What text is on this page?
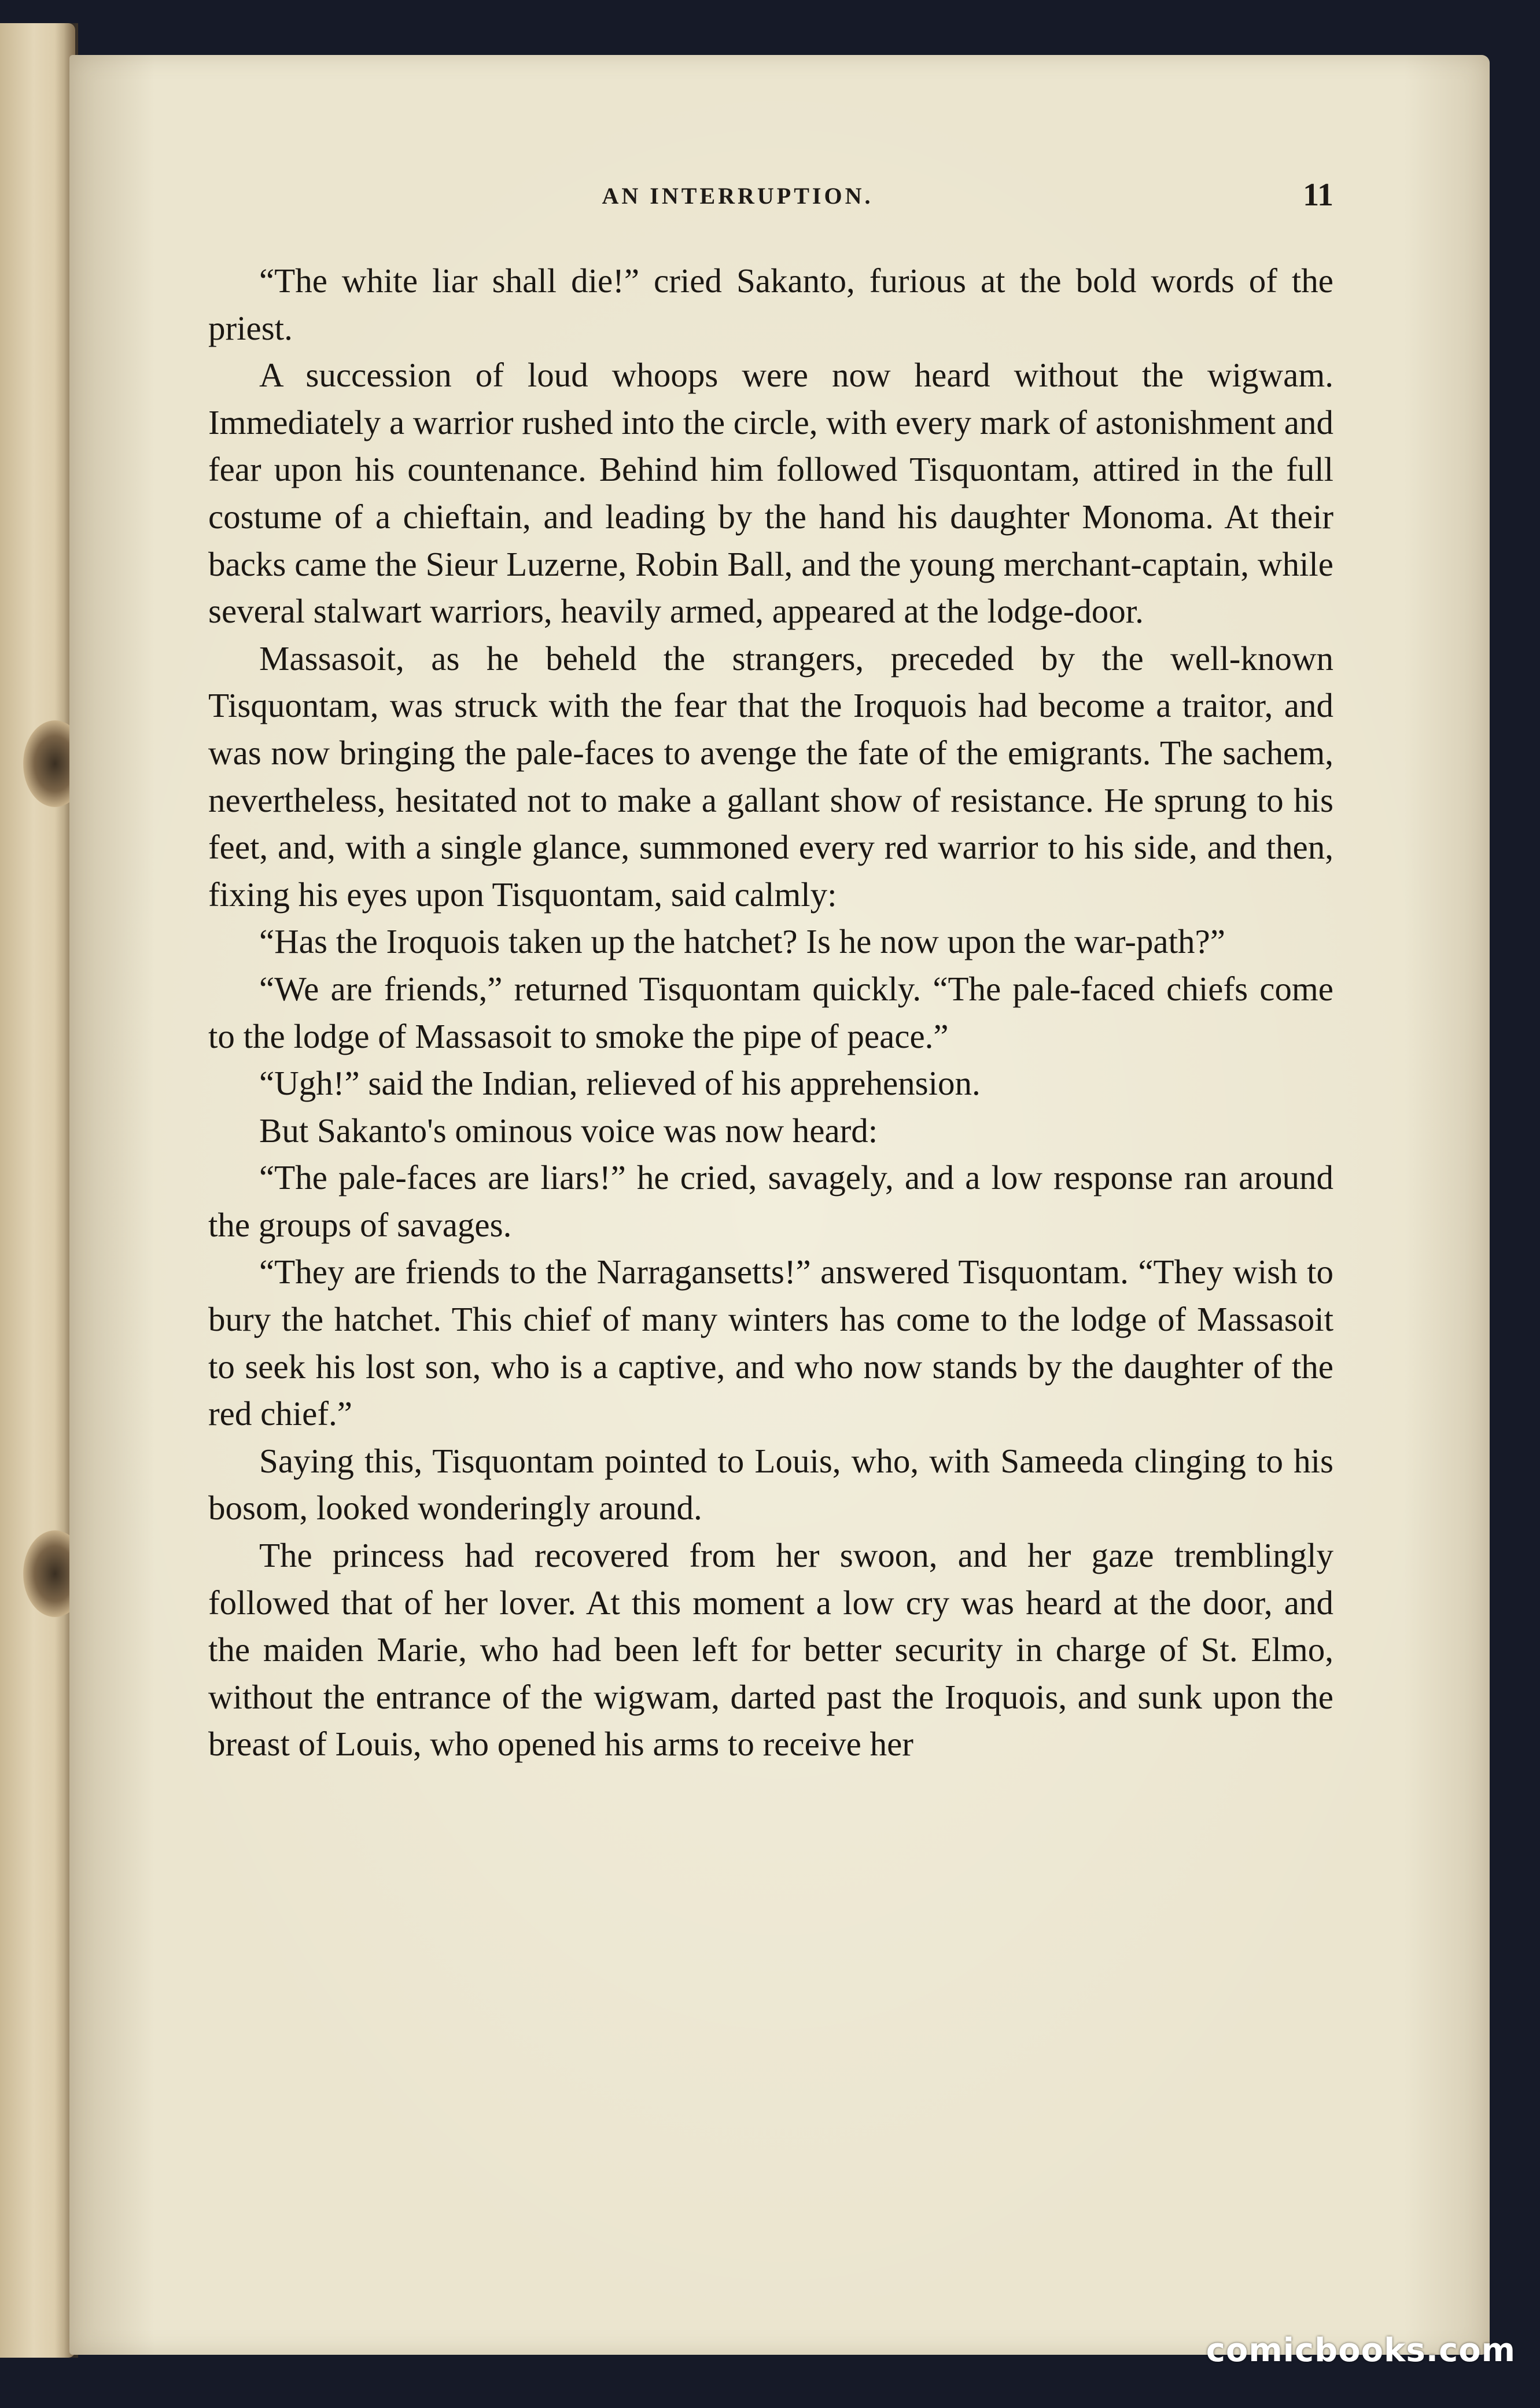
AN INTERRUPTION.	11

“The white liar shall die!” cried Sakanto, furious at the bold words of the priest.

A succession of loud whoops were now heard without the wigwam. Immediately a warrior rushed into the circle, with every mark of astonishment and fear upon his countenance. Behind him followed Tisquontam, attired in the full costume of a chieftain, and leading by the hand his daughter Monoma. At their backs came the Sieur Luzerne, Robin Ball, and the young merchant-captain, while several stalwart warriors, heavily armed, appeared at the lodge-door.

Massasoit, as he beheld the strangers, preceded by the well-known Tisquontam, was struck with the fear that the Iroquois had become a traitor, and was now bringing the pale-faces to avenge the fate of the emigrants. The sachem, nevertheless, hesitated not to make a gallant show of resistance. He sprung to his feet, and, with a single glance, summoned every red warrior to his side, and then, fixing his eyes upon Tisquontam, said calmly:

“Has the Iroquois taken up the hatchet? Is he now upon the war-path?”

“We are friends,” returned Tisquontam quickly. “The pale-faced chiefs come to the lodge of Massasoit to smoke the pipe of peace.”

“Ugh!” said the Indian, relieved of his apprehension.

But Sakanto's ominous voice was now heard:

“The pale-faces are liars!” he cried, savagely, and a low response ran around the groups of savages.

“They are friends to the Narragansetts!” answered Tisquontam. “They wish to bury the hatchet. This chief of many winters has come to the lodge of Massasoit to seek his lost son, who is a captive, and who now stands by the daughter of the red chief.”

Saying this, Tisquontam pointed to Louis, who, with Sameeda clinging to his bosom, looked wonderingly around.

The princess had recovered from her swoon, and her gaze tremblingly followed that of her lover. At this moment a low cry was heard at the door, and the maiden Marie, who had been left for better security in charge of St. Elmo, without the entrance of the wigwam, darted past the Iroquois, and sunk upon the breast of Louis, who opened his arms to receive her

comicbooks.com
